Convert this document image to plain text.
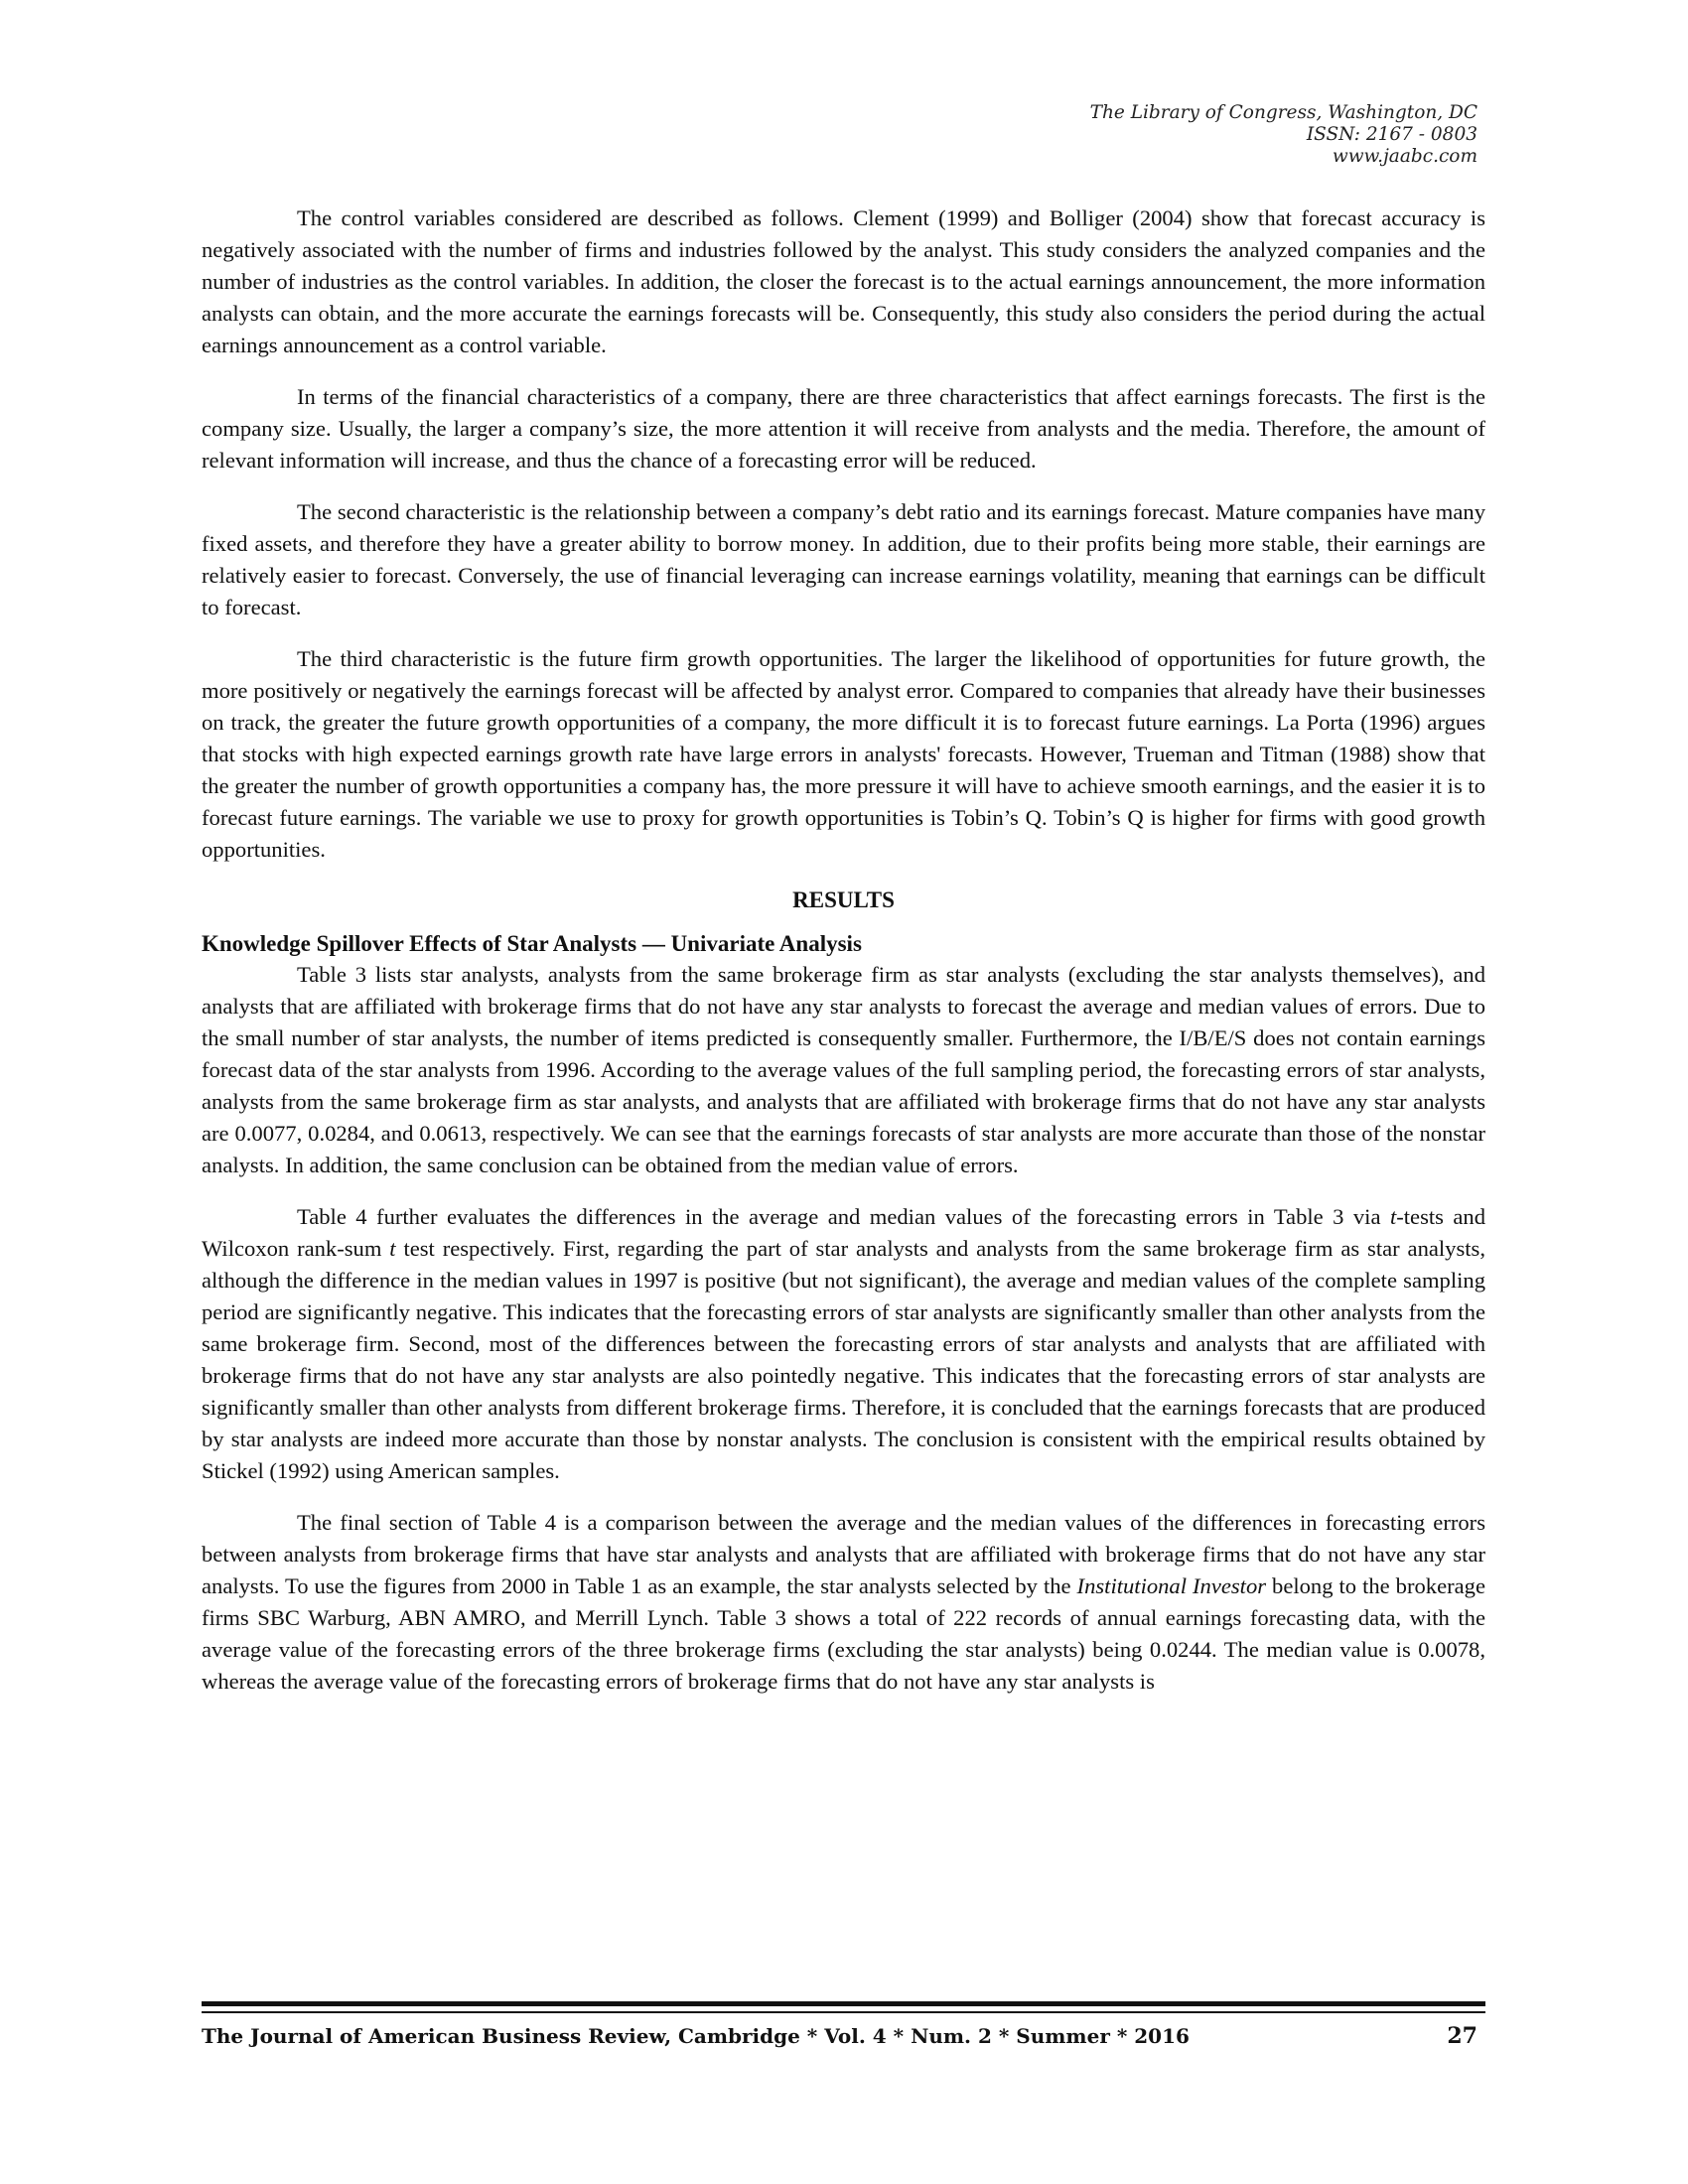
The Library of Congress, Washington, DC
ISSN: 2167 - 0803
www.jaabc.com

The control variables considered are described as follows. Clement (1999) and Bolliger (2004) show that forecast accuracy is negatively associated with the number of firms and industries followed by the analyst. This study considers the analyzed companies and the number of industries as the control variables. In addition, the closer the forecast is to the actual earnings announcement, the more information analysts can obtain, and the more accurate the earnings forecasts will be. Consequently, this study also considers the period during the actual earnings announcement as a control variable.

In terms of the financial characteristics of a company, there are three characteristics that affect earnings forecasts. The first is the company size. Usually, the larger a company’s size, the more attention it will receive from analysts and the media. Therefore, the amount of relevant information will increase, and thus the chance of a forecasting error will be reduced.

The second characteristic is the relationship between a company’s debt ratio and its earnings forecast. Mature companies have many fixed assets, and therefore they have a greater ability to borrow money. In addition, due to their profits being more stable, their earnings are relatively easier to forecast. Conversely, the use of financial leveraging can increase earnings volatility, meaning that earnings can be difficult to forecast.

The third characteristic is the future firm growth opportunities. The larger the likelihood of opportunities for future growth, the more positively or negatively the earnings forecast will be affected by analyst error. Compared to companies that already have their businesses on track, the greater the future growth opportunities of a company, the more difficult it is to forecast future earnings. La Porta (1996) argues that stocks with high expected earnings growth rate have large errors in analysts' forecasts. However, Trueman and Titman (1988) show that the greater the number of growth opportunities a company has, the more pressure it will have to achieve smooth earnings, and the easier it is to forecast future earnings. The variable we use to proxy for growth opportunities is Tobin’s Q. Tobin’s Q is higher for firms with good growth opportunities.

RESULTS
Knowledge Spillover Effects of Star Analysts — Univariate Analysis

Table 3 lists star analysts, analysts from the same brokerage firm as star analysts (excluding the star analysts themselves), and analysts that are affiliated with brokerage firms that do not have any star analysts to forecast the average and median values of errors. Due to the small number of star analysts, the number of items predicted is consequently smaller. Furthermore, the I/B/E/S does not contain earnings forecast data of the star analysts from 1996. According to the average values of the full sampling period, the forecasting errors of star analysts, analysts from the same brokerage firm as star analysts, and analysts that are affiliated with brokerage firms that do not have any star analysts are 0.0077, 0.0284, and 0.0613, respectively. We can see that the earnings forecasts of star analysts are more accurate than those of the nonstar analysts. In addition, the same conclusion can be obtained from the median value of errors.

Table 4 further evaluates the differences in the average and median values of the forecasting errors in Table 3 via t-tests and Wilcoxon rank-sum t test respectively. First, regarding the part of star analysts and analysts from the same brokerage firm as star analysts, although the difference in the median values in 1997 is positive (but not significant), the average and median values of the complete sampling period are significantly negative. This indicates that the forecasting errors of star analysts are significantly smaller than other analysts from the same brokerage firm. Second, most of the differences between the forecasting errors of star analysts and analysts that are affiliated with brokerage firms that do not have any star analysts are also pointedly negative. This indicates that the forecasting errors of star analysts are significantly smaller than other analysts from different brokerage firms. Therefore, it is concluded that the earnings forecasts that are produced by star analysts are indeed more accurate than those by nonstar analysts. The conclusion is consistent with the empirical results obtained by Stickel (1992) using American samples.

The final section of Table 4 is a comparison between the average and the median values of the differences in forecasting errors between analysts from brokerage firms that have star analysts and analysts that are affiliated with brokerage firms that do not have any star analysts. To use the figures from 2000 in Table 1 as an example, the star analysts selected by the Institutional Investor belong to the brokerage firms SBC Warburg, ABN AMRO, and Merrill Lynch. Table 3 shows a total of 222 records of annual earnings forecasting data, with the average value of the forecasting errors of the three brokerage firms (excluding the star analysts) being 0.0244. The median value is 0.0078, whereas the average value of the forecasting errors of brokerage firms that do not have any star analysts is

The Journal of American Business Review, Cambridge * Vol. 4 * Num. 2 * Summer * 2016	27
